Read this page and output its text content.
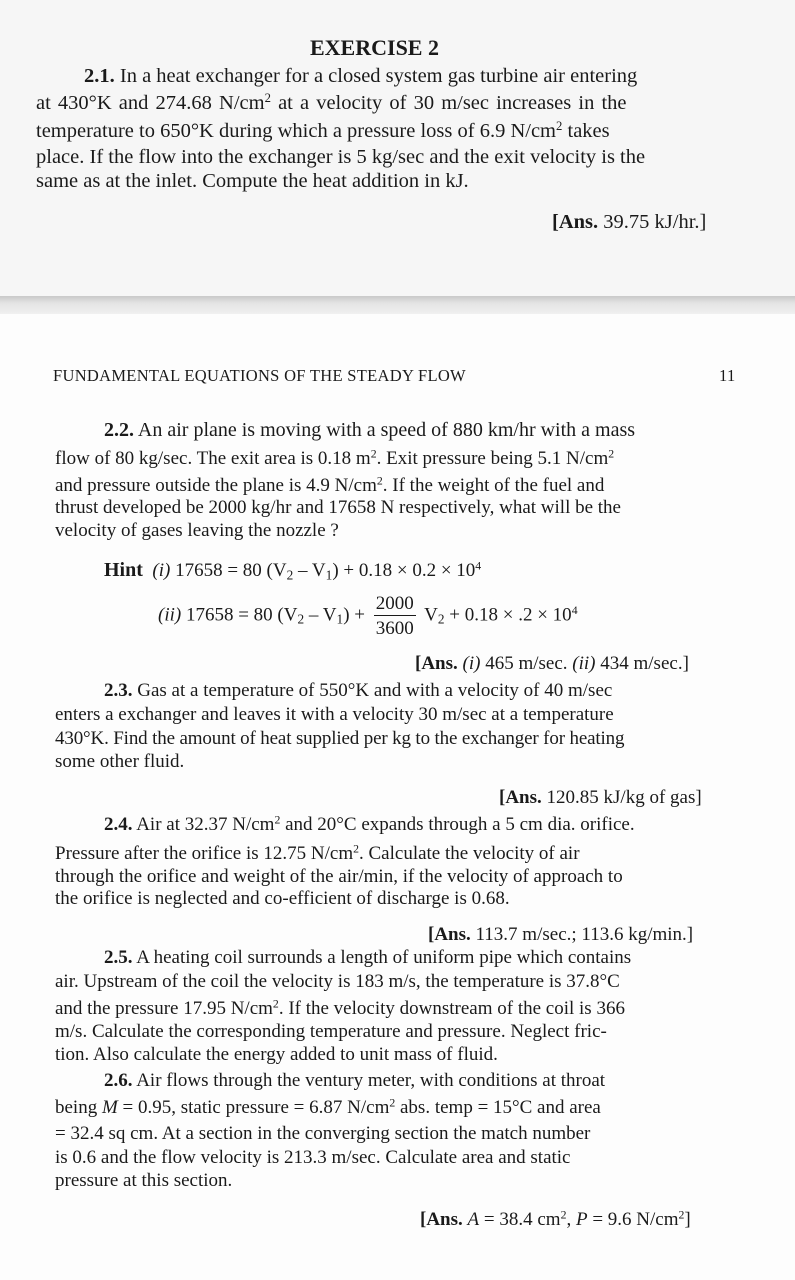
EXERCISE 2
2.1. In a heat exchanger for a closed system gas turbine air entering
at 430°K and 274.68 $N/cm^2$ at a velocity of 30 m/sec increases in the
temperature to 650°K during which a pressure loss of 6.9 $N/cm^2$ takes
place. If the flow into the exchanger is 5 kg/sec and the exit velocity is the
same as at the inlet. Compute the heat addition in kJ.
[Ans. 39.75 kJ/hr.]
FUNDAMENTAL EQUATIONS OF THE STEADY FLOW	11
2.2. An air plane is moving with a speed of 880 km/hr with a mass
flow of 80 kg/sec. The exit area is 0.18 $m^2$. Exit pressure being 5.1 $N/cm^2$
and pressure outside the plane is 4.9 $N/cm^2$. If the weight of the fuel and
thrust developed be 2000 kg/hr and 17658 N respectively, what will be the
velocity of gases leaving the nozzle ?
Hint (i) 17658 = 80 $(V_2 - V_1) + 0.18 \times 0.2 \times 10^4$
(ii) 17658 = 80 $(V_2 - V_1) + \frac{2000}{3600} V_2 + 0.18 \times .2 \times 10^4$
[Ans. (i) 465 m/sec. (ii) 434 m/sec.]
2.3. Gas at a temperature of 550°K and with a velocity of 40 m/sec
enters a exchanger and leaves it with a velocity 30 m/sec at a temperature
430°K. Find the amount of heat supplied per kg to the exchanger for heating
some other fluid.
[Ans. 120.85 kJ/kg of gas]
2.4. Air at 32.37 $N/cm^2$ and 20°C expands through a 5 cm dia. orifice.
Pressure after the orifice is 12.75 $N/cm^2$. Calculate the velocity of air
through the orifice and weight of the air/min, if the velocity of approach to
the orifice is neglected and co-efficient of discharge is 0.68.
[Ans. 113.7 m/sec.; 113.6 kg/min.]
2.5. A heating coil surrounds a length of uniform pipe which contains
air. Upstream of the coil the velocity is 183 m/s, the temperature is 37.8°C
and the pressure 17.95 $N/cm^2$. If the velocity downstream of the coil is 366
m/s. Calculate the corresponding temperature and pressure. Neglect fric-
tion. Also calculate the energy added to unit mass of fluid.
2.6. Air flows through the ventury meter, with conditions at throat
being M = 0.95, static pressure = 6.87 $N/cm^2$ abs. temp = 15°C and area
= 32.4 sq cm. At a section in the converging section the match number
is 0.6 and the flow velocity is 213.3 m/sec. Calculate area and static
pressure at this section.
[Ans. A = 38.4 $cm^2$, P = 9.6 $N/cm^2$]
